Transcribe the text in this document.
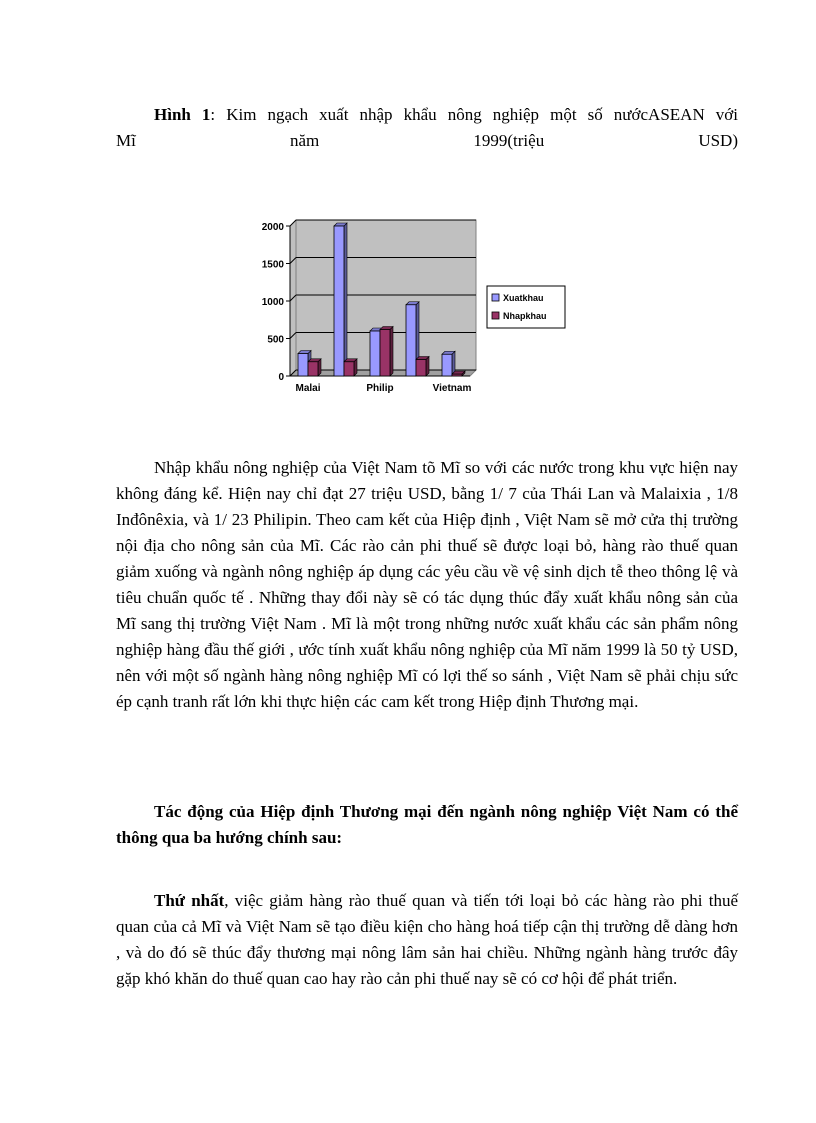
Hình 1: Kim ngạch xuất nhập khẩu nông nghiệp một số nướcASEAN với
Mĩ	năm	1999(triệu	USD)
0
500
1000
1500
2000
Malai	Philip	Vietnam
Xuatkhau
Nhapkhau

Nhập khẩu nông nghiệp của Việt Nam tõ Mĩ so với các nước trong khu vực hiện nay không đáng kể. Hiện nay chỉ đạt 27 triệu USD, bằng 1/ 7 của Thái Lan và Malaixia , 1/8 Inđônêxia, và 1/ 23 Philipin. Theo cam kết của Hiệp định , Việt Nam sẽ mở cửa thị trường nội địa cho nông sản của Mĩ. Các rào cản phi thuế sẽ được loại bỏ, hàng rào thuế quan giảm xuống và ngành nông nghiệp áp dụng các yêu cầu về vệ sinh dịch tễ theo thông lệ và tiêu chuẩn quốc tế . Những thay đổi này sẽ có tác dụng thúc đẩy xuất khẩu nông sản của Mĩ sang thị trường Việt Nam . Mĩ là một trong những nước xuất khẩu các sản phẩm nông nghiệp hàng đầu thế giới , ước tính xuất khẩu nông nghiệp của Mĩ năm 1999 là 50 tỷ USD, nên với một số ngành hàng nông nghiệp Mĩ có lợi thế so sánh , Việt Nam sẽ phải chịu sức ép cạnh tranh rất lớn khi thực hiện các cam kết trong Hiệp định Thương mại.

Tác động của Hiệp định Thương mại đến ngành nông nghiệp Việt Nam có thể thông qua ba hướng chính sau:

Thứ nhất, việc giảm hàng rào thuế quan và tiến tới loại bỏ các hàng rào phi thuế quan của cả Mĩ và Việt Nam sẽ tạo điều kiện cho hàng hoá tiếp cận thị trường dễ dàng hơn , và do đó sẽ thúc đẩy thương mại nông lâm sản hai chiều. Những ngành hàng trước đây gặp khó khăn do thuế quan cao hay rào cản phi thuế nay sẽ có cơ hội để phát triển.
